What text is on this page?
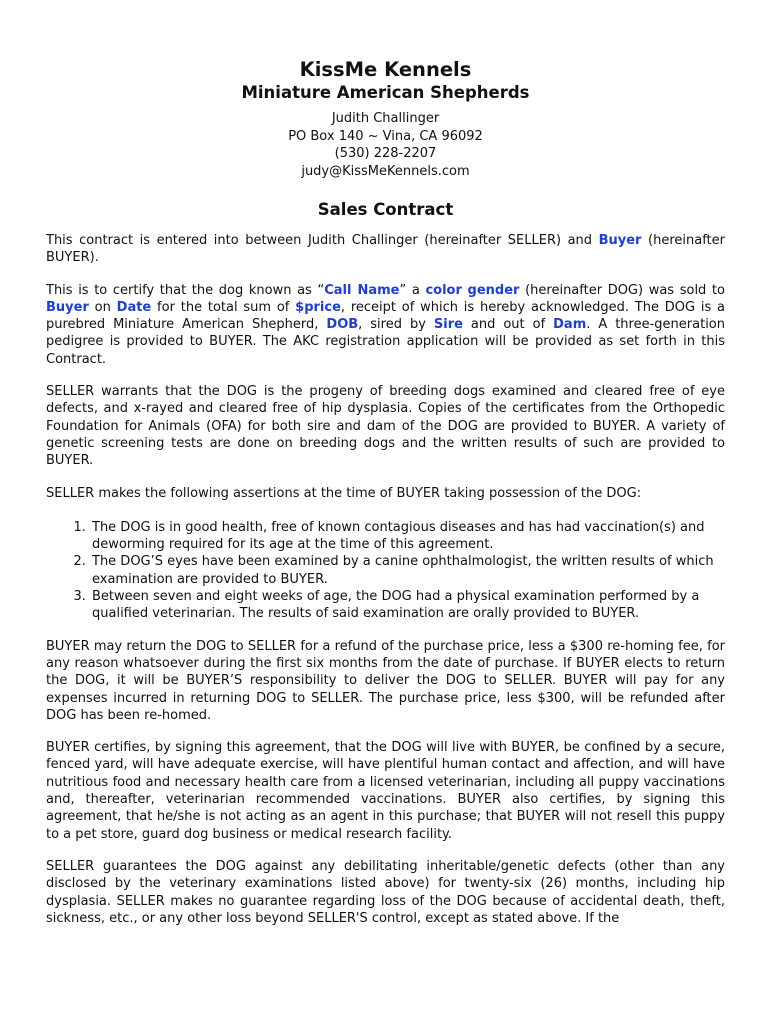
KissMe Kennels
Miniature American Shepherds
Judith Challinger
PO Box 140 ~ Vina, CA 96092
(530) 228-2207
judy@KissMeKennels.com
Sales Contract

This contract is entered into between Judith Challinger (hereinafter SELLER) and Buyer (hereinafter BUYER).

This is to certify that the dog known as “Call Name” a color gender (hereinafter DOG) was sold to Buyer on Date for the total sum of $price, receipt of which is hereby acknowledged. The DOG is a purebred Miniature American Shepherd, DOB, sired by Sire and out of Dam. A three-generation pedigree is provided to BUYER. The AKC registration application will be provided as set forth in this Contract.

SELLER warrants that the DOG is the progeny of breeding dogs examined and cleared free of eye defects, and x-rayed and cleared free of hip dysplasia. Copies of the certificates from the Orthopedic Foundation for Animals (OFA) for both sire and dam of the DOG are provided to BUYER. A variety of genetic screening tests are done on breeding dogs and the written results of such are provided to BUYER.

SELLER makes the following assertions at the time of BUYER taking possession of the DOG:

1. The DOG is in good health, free of known contagious diseases and has had vaccination(s) and deworming required for its age at the time of this agreement.
2. The DOG’S eyes have been examined by a canine ophthalmologist, the written results of which examination are provided to BUYER.
3. Between seven and eight weeks of age, the DOG had a physical examination performed by a qualified veterinarian. The results of said examination are orally provided to BUYER.

BUYER may return the DOG to SELLER for a refund of the purchase price, less a $300 re-homing fee, for any reason whatsoever during the first six months from the date of purchase. If BUYER elects to return the DOG, it will be BUYER’S responsibility to deliver the DOG to SELLER. BUYER will pay for any expenses incurred in returning DOG to SELLER. The purchase price, less $300, will be refunded after DOG has been re-homed.

BUYER certifies, by signing this agreement, that the DOG will live with BUYER, be confined by a secure, fenced yard, will have adequate exercise, will have plentiful human contact and affection, and will have nutritious food and necessary health care from a licensed veterinarian, including all puppy vaccinations and, thereafter, veterinarian recommended vaccinations. BUYER also certifies, by signing this agreement, that he/she is not acting as an agent in this purchase; that BUYER will not resell this puppy to a pet store, guard dog business or medical research facility.

SELLER guarantees the DOG against any debilitating inheritable/genetic defects (other than any disclosed by the veterinary examinations listed above) for twenty-six (26) months, including hip dysplasia. SELLER makes no guarantee regarding loss of the DOG because of accidental death, theft, sickness, etc., or any other loss beyond SELLER'S control, except as stated above. If the
